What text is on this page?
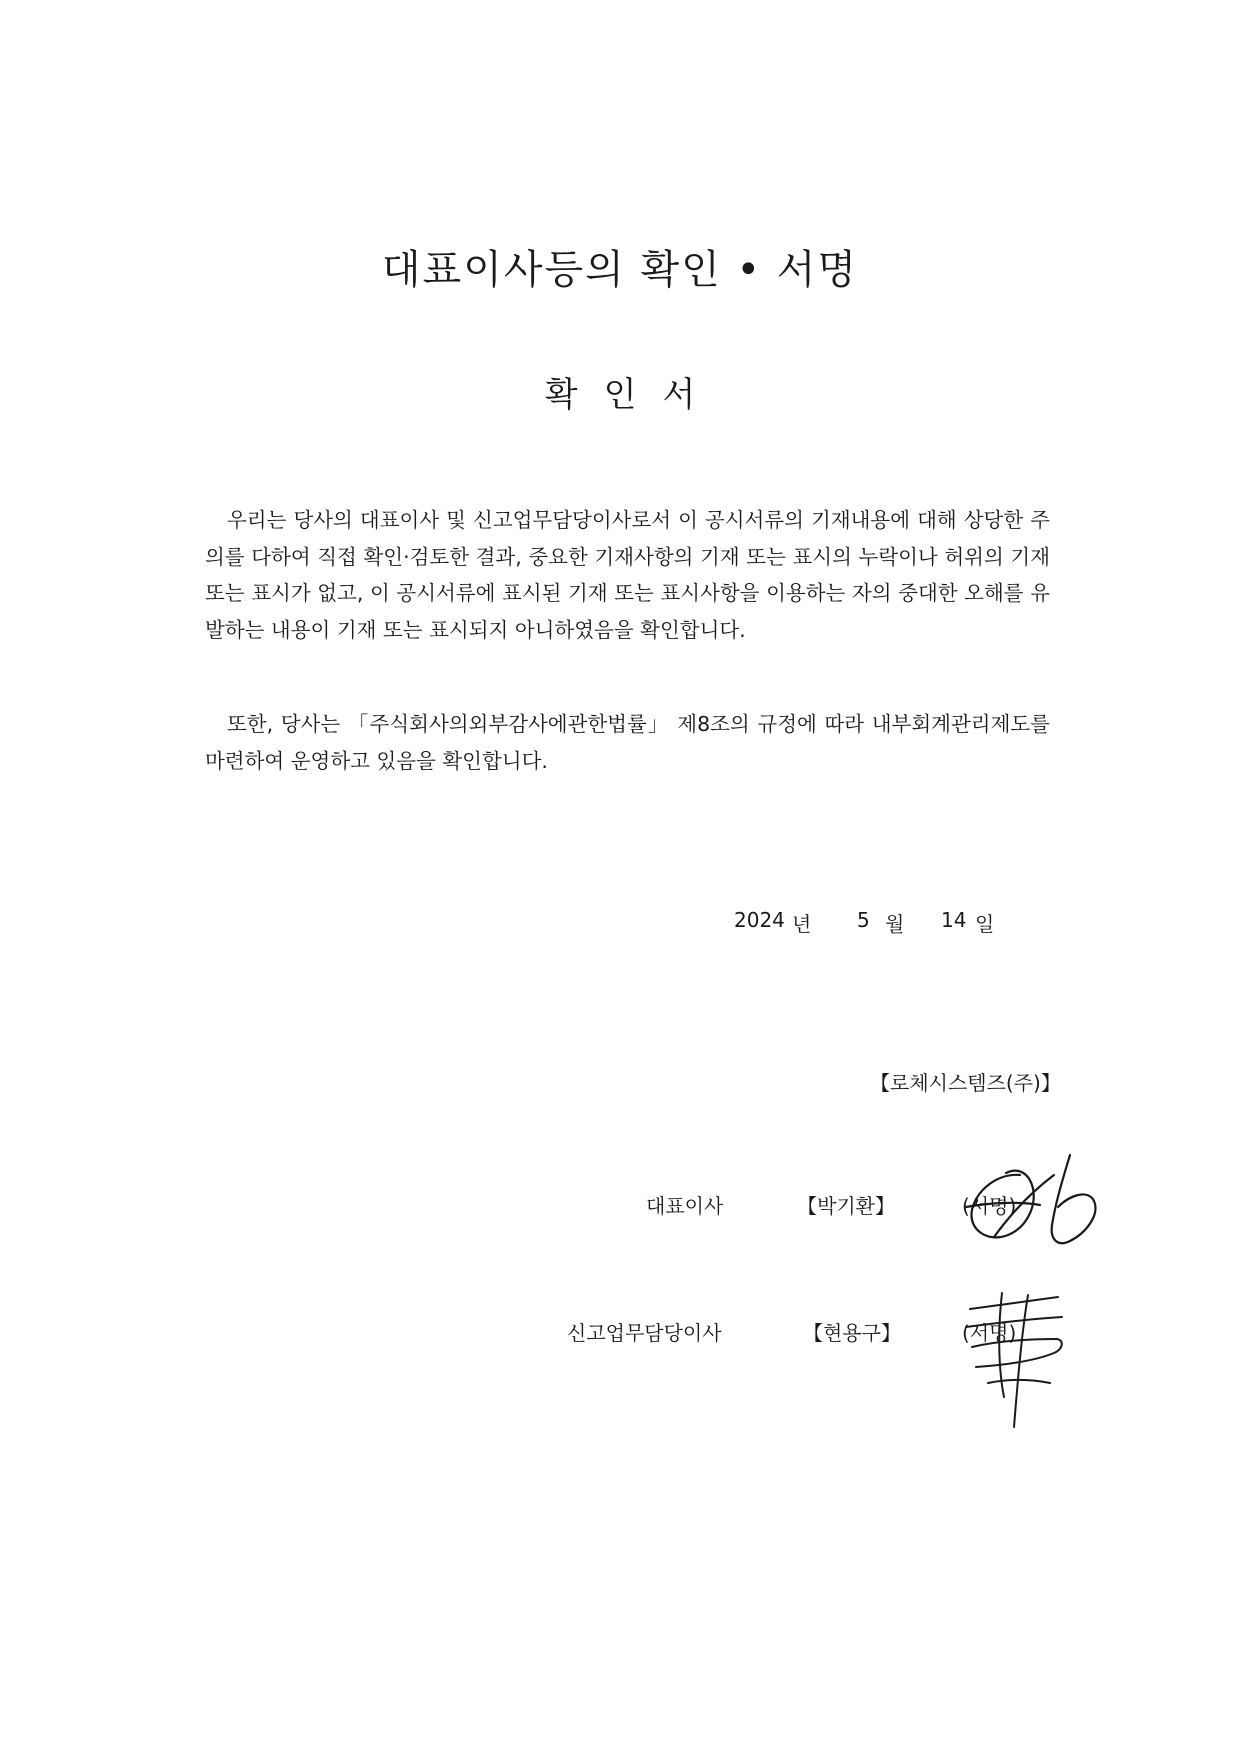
대표이사등의 확인 • 서명
확인서

우리는 당사의 대표이사 및 신고업무담당이사로서 이 공시서류의 기재내용에 대해 상당한 주의를 다하여 직접 확인·검토한 결과, 중요한 기재사항의 기재 또는 표시의 누락이나 허위의 기재 또는 표시가 없고, 이 공시서류에 표시된 기재 또는 표시사항을 이용하는 자의 중대한 오해를 유발하는 내용이 기재 또는 표시되지 아니하였음을 확인합니다.

또한, 당사는 「주식회사의외부감사에관한법률」 제8조의 규정에 따라 내부회계관리제도를 마련하여 운영하고 있음을 확인합니다.

2024 년	5 월	14 일
【로체시스템즈(주)】
대표이사	【박기환】	(서명)
신고업무담당이사	【현용구】	(서명)
